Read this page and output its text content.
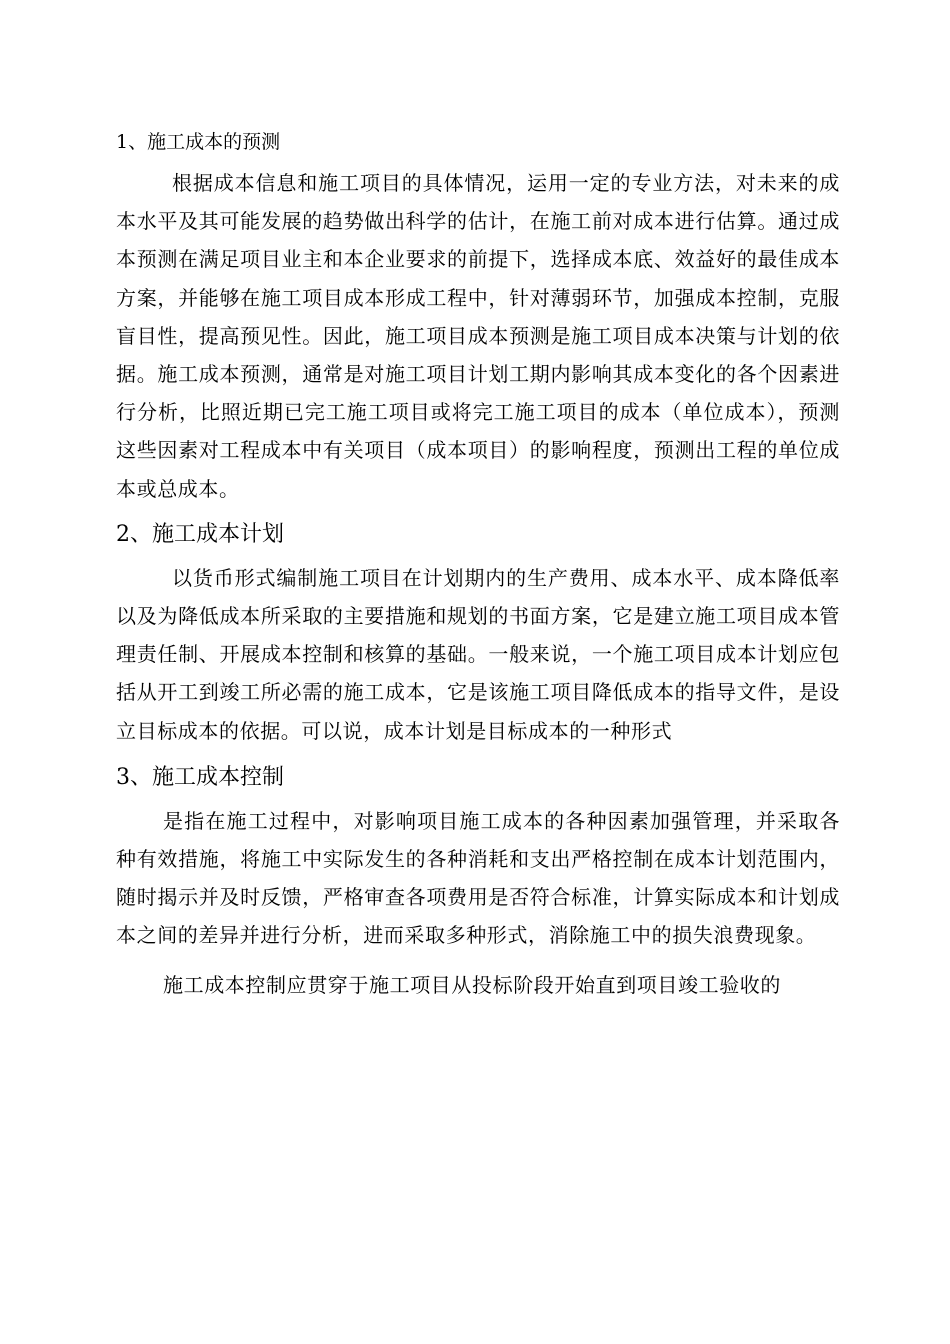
1、施工成本的预测

根据成本信息和施工项目的具体情况，运用一定的专业方法，对未来的成本水平及其可能发展的趋势做出科学的估计，在施工前对成本进行估算。通过成本预测在满足项目业主和本企业要求的前提下，选择成本底、效益好的最佳成本方案，并能够在施工项目成本形成工程中，针对薄弱环节，加强成本控制，克服盲目性，提高预见性。因此，施工项目成本预测是施工项目成本决策与计划的依据。施工成本预测，通常是对施工项目计划工期内影响其成本变化的各个因素进行分析，比照近期已完工施工项目或将完工施工项目的成本（单位成本），预测这些因素对工程成本中有关项目（成本项目）的影响程度，预测出工程的单位成本或总成本。

2、施工成本计划

以货币形式编制施工项目在计划期内的生产费用、成本水平、成本降低率以及为降低成本所采取的主要措施和规划的书面方案，它是建立施工项目成本管理责任制、开展成本控制和核算的基础。一般来说，一个施工项目成本计划应包括从开工到竣工所必需的施工成本，它是该施工项目降低成本的指导文件，是设立目标成本的依据。可以说，成本计划是目标成本的一种形式

3、施工成本控制

是指在施工过程中，对影响项目施工成本的各种因素加强管理，并采取各种有效措施，将施工中实际发生的各种消耗和支出严格控制在成本计划范围内，随时揭示并及时反馈，严格审查各项费用是否符合标准，计算实际成本和计划成本之间的差异并进行分析，进而采取多种形式，消除施工中的损失浪费现象。

施工成本控制应贯穿于施工项目从投标阶段开始直到项目竣工验收的
